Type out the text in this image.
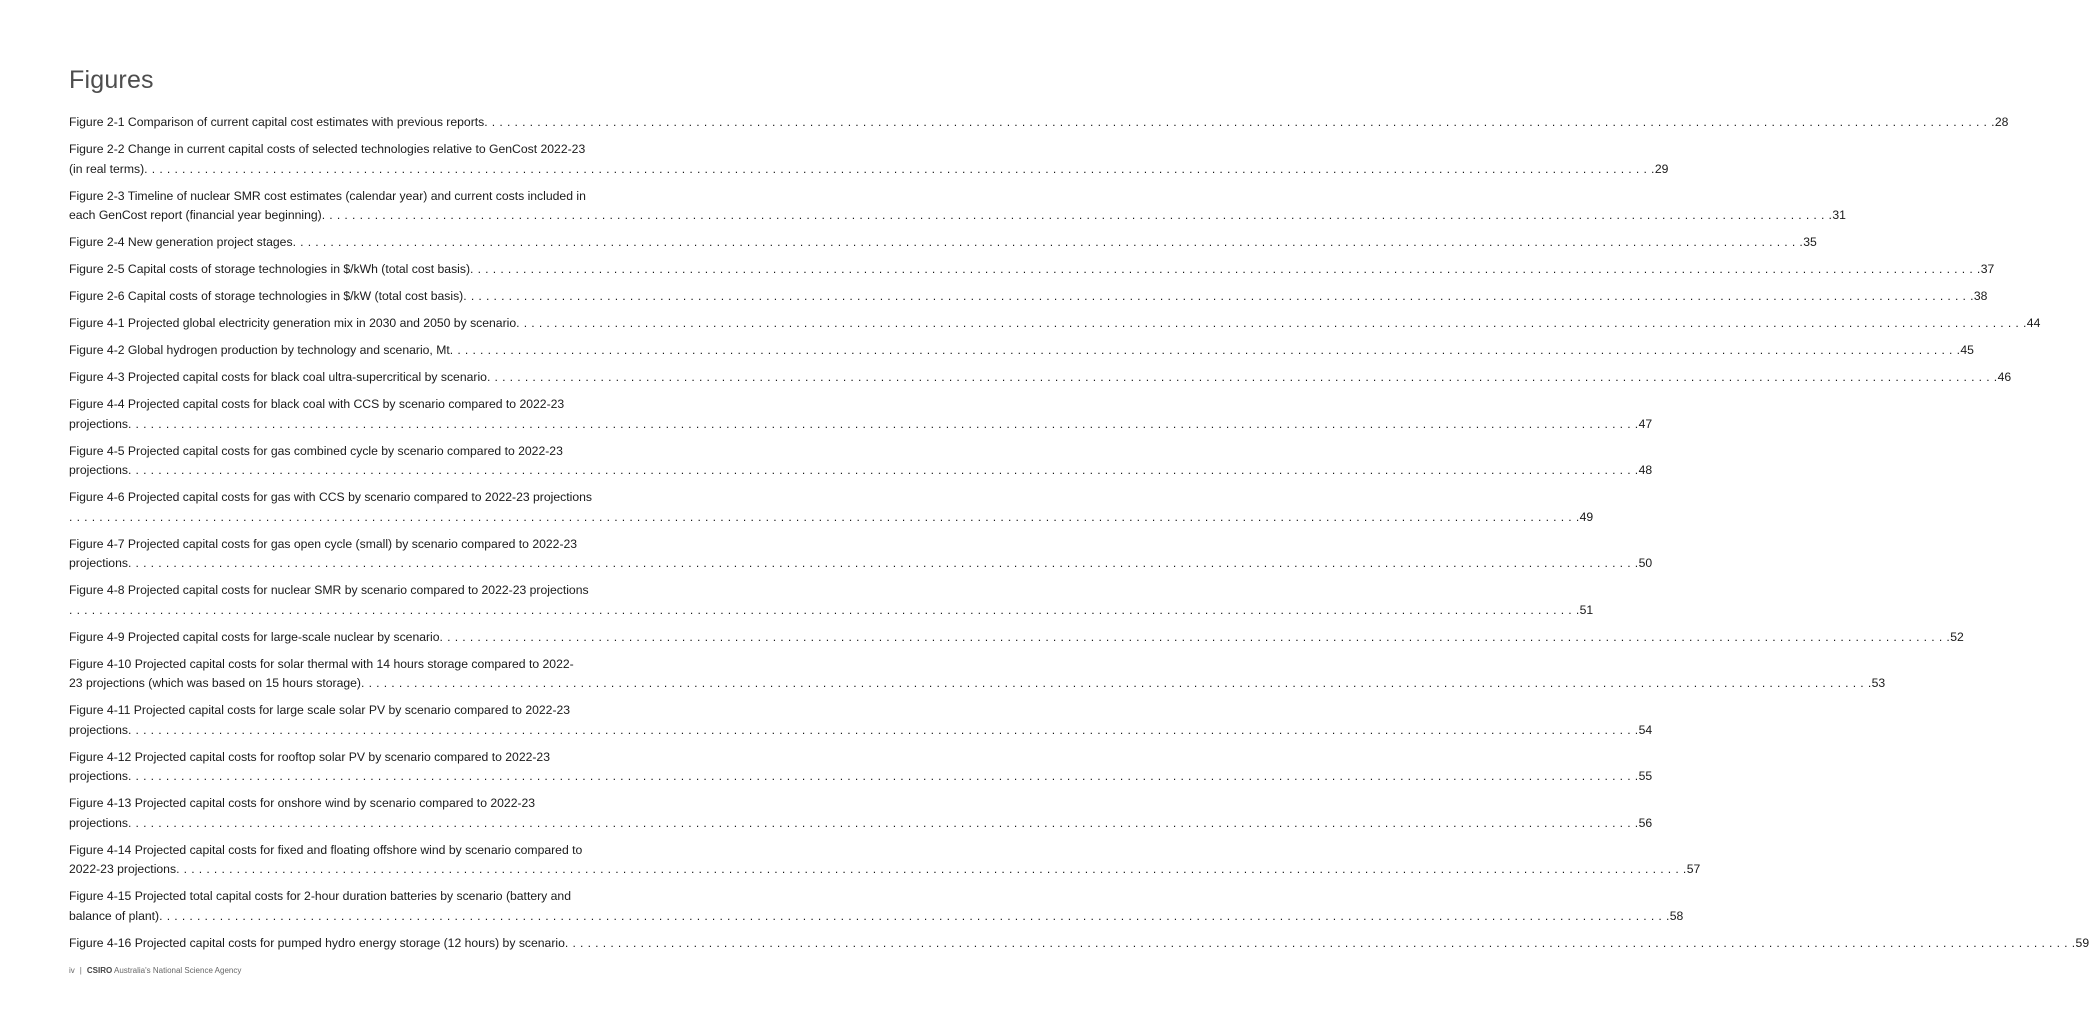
Figures
Figure 2-1 Comparison of current capital cost estimates with previous reports . . . . . . . . . . . . . . . . . . . . . . . . . . . . . . . . . . . . . . . . . . . . . . . . . . . . . . . . . . . . . . . . . . . . . . . . . . . . . . . . . . . . . . . . . . . . . . . . . . . . . . . . . . . . . . . . . . . . . . . . . . . . . . . . . . . . . . . . . . . . . . . . . . . . . . . . . . . . . . . . . . . . . . . . . . . . . . . . . . . . . . . . . . . . . . . . . . . . . . . . 28
Figure 2-2 Change in current capital costs of selected technologies relative to GenCost 2022-23
(in real terms) . . . . . . . . . . . . . . . . . . . . . . . . . . . . . . . . . . . . . . . . . . . . . . . . . . . . . . . . . . . . . . . . . . . . . . . . . . . . . . . . . . . . . . . . . . . . . . . . . . . . . . . . . . . . . . . . . . . . . . . . . . . . . . . . . . . . . . . . . . . . . . . . . . . . . . . . . . . . . . . . . . . . . . . . . . . . . . . . . . . . . . . . . . . . . . . . . . . . . . . . 29
Figure 2-3 Timeline of nuclear SMR cost estimates (calendar year) and current costs included in
each GenCost report (financial year beginning) . . . . . . . . . . . . . . . . . . . . . . . . . . . . . . . . . . . . . . . . . . . . . . . . . . . . . . . . . . . . . . . . . . . . . . . . . . . . . . . . . . . . . . . . . . . . . . . . . . . . . . . . . . . . . . . . . . . . . . . . . . . . . . . . . . . . . . . . . . . . . . . . . . . . . . . . . . . . . . . . . . . . . . . . . . . . . . . . . . . . . . . . . . . . . . . . . . . . . . . . 31
Figure 2-4 New generation project stages . . . . . . . . . . . . . . . . . . . . . . . . . . . . . . . . . . . . . . . . . . . . . . . . . . . . . . . . . . . . . . . . . . . . . . . . . . . . . . . . . . . . . . . . . . . . . . . . . . . . . . . . . . . . . . . . . . . . . . . . . . . . . . . . . . . . . . . . . . . . . . . . . . . . . . . . . . . . . . . . . . . . . . . . . . . . . . . . . . . . . . . . . . . . . . . . . . . . . . . . 35
Figure 2-5 Capital costs of storage technologies in $/kWh (total cost basis) . . . . . . . . . . . . . . . . . . . . . . . . . . . . . . . . . . . . . . . . . . . . . . . . . . . . . . . . . . . . . . . . . . . . . . . . . . . . . . . . . . . . . . . . . . . . . . . . . . . . . . . . . . . . . . . . . . . . . . . . . . . . . . . . . . . . . . . . . . . . . . . . . . . . . . . . . . . . . . . . . . . . . . . . . . . . . . . . . . . . . . . . . . . . . . . . . . . . . . . . 37
Figure 2-6 Capital costs of storage technologies in $/kW (total cost basis) . . . . . . . . . . . . . . . . . . . . . . . . . . . . . . . . . . . . . . . . . . . . . . . . . . . . . . . . . . . . . . . . . . . . . . . . . . . . . . . . . . . . . . . . . . . . . . . . . . . . . . . . . . . . . . . . . . . . . . . . . . . . . . . . . . . . . . . . . . . . . . . . . . . . . . . . . . . . . . . . . . . . . . . . . . . . . . . . . . . . . . . . . . . . . . . . . . . . . . . . 38
Figure 4-1 Projected global electricity generation mix in 2030 and 2050 by scenario . . . . . . . . . . . . . . . . . . . . . . . . . . . . . . . . . . . . . . . . . . . . . . . . . . . . . . . . . . . . . . . . . . . . . . . . . . . . . . . . . . . . . . . . . . . . . . . . . . . . . . . . . . . . . . . . . . . . . . . . . . . . . . . . . . . . . . . . . . . . . . . . . . . . . . . . . . . . . . . . . . . . . . . . . . . . . . . . . . . . . . . . . . . . . . . . . . . . . . . . 44
Figure 4-2 Global hydrogen production by technology and scenario, Mt . . . . . . . . . . . . . . . . . . . . . . . . . . . . . . . . . . . . . . . . . . . . . . . . . . . . . . . . . . . . . . . . . . . . . . . . . . . . . . . . . . . . . . . . . . . . . . . . . . . . . . . . . . . . . . . . . . . . . . . . . . . . . . . . . . . . . . . . . . . . . . . . . . . . . . . . . . . . . . . . . . . . . . . . . . . . . . . . . . . . . . . . . . . . . . . . . . . . . . . . 45
Figure 4-3 Projected capital costs for black coal ultra-supercritical by scenario . . . . . . . . . . . . . . . . . . . . . . . . . . . . . . . . . . . . . . . . . . . . . . . . . . . . . . . . . . . . . . . . . . . . . . . . . . . . . . . . . . . . . . . . . . . . . . . . . . . . . . . . . . . . . . . . . . . . . . . . . . . . . . . . . . . . . . . . . . . . . . . . . . . . . . . . . . . . . . . . . . . . . . . . . . . . . . . . . . . . . . . . . . . . . . . . . . . . . . . . 46
Figure 4-4 Projected capital costs for black coal with CCS by scenario compared to 2022-23
projections . . . . . . . . . . . . . . . . . . . . . . . . . . . . . . . . . . . . . . . . . . . . . . . . . . . . . . . . . . . . . . . . . . . . . . . . . . . . . . . . . . . . . . . . . . . . . . . . . . . . . . . . . . . . . . . . . . . . . . . . . . . . . . . . . . . . . . . . . . . . . . . . . . . . . . . . . . . . . . . . . . . . . . . . . . . . . . . . . . . . . . . . . . . . . . . . . . . . . . . . 47
Figure 4-5 Projected capital costs for gas combined cycle by scenario compared to 2022-23
projections . . . . . . . . . . . . . . . . . . . . . . . . . . . . . . . . . . . . . . . . . . . . . . . . . . . . . . . . . . . . . . . . . . . . . . . . . . . . . . . . . . . . . . . . . . . . . . . . . . . . . . . . . . . . . . . . . . . . . . . . . . . . . . . . . . . . . . . . . . . . . . . . . . . . . . . . . . . . . . . . . . . . . . . . . . . . . . . . . . . . . . . . . . . . . . . . . . . . . . . . 48
Figure 4-6 Projected capital costs for gas with CCS by scenario compared to 2022-23 projections
. . . . . . . . . . . . . . . . . . . . . . . . . . . . . . . . . . . . . . . . . . . . . . . . . . . . . . . . . . . . . . . . . . . . . . . . . . . . . . . . . . . . . . . . . . . . . . . . . . . . . . . . . . . . . . . . . . . . . . . . . . . . . . . . . . . . . . . . . . . . . . . . . . . . . . . . . . . . . . . . . . . . . . . . . . . . . . . . . . . . . . . . . . . . . . . . . . . . . . . . 49
Figure 4-7 Projected capital costs for gas open cycle (small) by scenario compared to 2022-23
projections . . . . . . . . . . . . . . . . . . . . . . . . . . . . . . . . . . . . . . . . . . . . . . . . . . . . . . . . . . . . . . . . . . . . . . . . . . . . . . . . . . . . . . . . . . . . . . . . . . . . . . . . . . . . . . . . . . . . . . . . . . . . . . . . . . . . . . . . . . . . . . . . . . . . . . . . . . . . . . . . . . . . . . . . . . . . . . . . . . . . . . . . . . . . . . . . . . . . . . . . 50
Figure 4-8 Projected capital costs for nuclear SMR by scenario compared to 2022-23 projections
. . . . . . . . . . . . . . . . . . . . . . . . . . . . . . . . . . . . . . . . . . . . . . . . . . . . . . . . . . . . . . . . . . . . . . . . . . . . . . . . . . . . . . . . . . . . . . . . . . . . . . . . . . . . . . . . . . . . . . . . . . . . . . . . . . . . . . . . . . . . . . . . . . . . . . . . . . . . . . . . . . . . . . . . . . . . . . . . . . . . . . . . . . . . . . . . . . . . . . . . 51
Figure 4-9 Projected capital costs for large-scale nuclear by scenario . . . . . . . . . . . . . . . . . . . . . . . . . . . . . . . . . . . . . . . . . . . . . . . . . . . . . . . . . . . . . . . . . . . . . . . . . . . . . . . . . . . . . . . . . . . . . . . . . . . . . . . . . . . . . . . . . . . . . . . . . . . . . . . . . . . . . . . . . . . . . . . . . . . . . . . . . . . . . . . . . . . . . . . . . . . . . . . . . . . . . . . . . . . . . . . . . . . . . . . . 52
Figure 4-10 Projected capital costs for solar thermal with 14 hours storage compared to 2022-
23 projections (which was based on 15 hours storage) . . . . . . . . . . . . . . . . . . . . . . . . . . . . . . . . . . . . . . . . . . . . . . . . . . . . . . . . . . . . . . . . . . . . . . . . . . . . . . . . . . . . . . . . . . . . . . . . . . . . . . . . . . . . . . . . . . . . . . . . . . . . . . . . . . . . . . . . . . . . . . . . . . . . . . . . . . . . . . . . . . . . . . . . . . . . . . . . . . . . . . . . . . . . . . . . . . . . . . . . 53
Figure 4-11 Projected capital costs for large scale solar PV by scenario compared to 2022-23
projections . . . . . . . . . . . . . . . . . . . . . . . . . . . . . . . . . . . . . . . . . . . . . . . . . . . . . . . . . . . . . . . . . . . . . . . . . . . . . . . . . . . . . . . . . . . . . . . . . . . . . . . . . . . . . . . . . . . . . . . . . . . . . . . . . . . . . . . . . . . . . . . . . . . . . . . . . . . . . . . . . . . . . . . . . . . . . . . . . . . . . . . . . . . . . . . . . . . . . . . . 54
Figure 4-12 Projected capital costs for rooftop solar PV by scenario compared to 2022-23
projections . . . . . . . . . . . . . . . . . . . . . . . . . . . . . . . . . . . . . . . . . . . . . . . . . . . . . . . . . . . . . . . . . . . . . . . . . . . . . . . . . . . . . . . . . . . . . . . . . . . . . . . . . . . . . . . . . . . . . . . . . . . . . . . . . . . . . . . . . . . . . . . . . . . . . . . . . . . . . . . . . . . . . . . . . . . . . . . . . . . . . . . . . . . . . . . . . . . . . . . . 55
Figure 4-13 Projected capital costs for onshore wind by scenario compared to 2022-23
projections . . . . . . . . . . . . . . . . . . . . . . . . . . . . . . . . . . . . . . . . . . . . . . . . . . . . . . . . . . . . . . . . . . . . . . . . . . . . . . . . . . . . . . . . . . . . . . . . . . . . . . . . . . . . . . . . . . . . . . . . . . . . . . . . . . . . . . . . . . . . . . . . . . . . . . . . . . . . . . . . . . . . . . . . . . . . . . . . . . . . . . . . . . . . . . . . . . . . . . . . 56
Figure 4-14 Projected capital costs for fixed and floating offshore wind by scenario compared to
2022-23 projections . . . . . . . . . . . . . . . . . . . . . . . . . . . . . . . . . . . . . . . . . . . . . . . . . . . . . . . . . . . . . . . . . . . . . . . . . . . . . . . . . . . . . . . . . . . . . . . . . . . . . . . . . . . . . . . . . . . . . . . . . . . . . . . . . . . . . . . . . . . . . . . . . . . . . . . . . . . . . . . . . . . . . . . . . . . . . . . . . . . . . . . . . . . . . . . . . . . . . . . . 57
Figure 4-15 Projected total capital costs for 2-hour duration batteries by scenario (battery and
balance of plant) . . . . . . . . . . . . . . . . . . . . . . . . . . . . . . . . . . . . . . . . . . . . . . . . . . . . . . . . . . . . . . . . . . . . . . . . . . . . . . . . . . . . . . . . . . . . . . . . . . . . . . . . . . . . . . . . . . . . . . . . . . . . . . . . . . . . . . . . . . . . . . . . . . . . . . . . . . . . . . . . . . . . . . . . . . . . . . . . . . . . . . . . . . . . . . . . . . . . . . . . 58
Figure 4-16 Projected capital costs for pumped hydro energy storage (12 hours) by scenario . . . . . . . . . . . . . . . . . . . . . . . . . . . . . . . . . . . . . . . . . . . . . . . . . . . . . . . . . . . . . . . . . . . . . . . . . . . . . . . . . . . . . . . . . . . . . . . . . . . . . . . . . . . . . . . . . . . . . . . . . . . . . . . . . . . . . . . . . . . . . . . . . . . . . . . . . . . . . . . . . . . . . . . . . . . . . . . . . . . . . . . . . . . . . . . . . . . . . . . . 59
iv | CSIRO Australia's National Science Agency
